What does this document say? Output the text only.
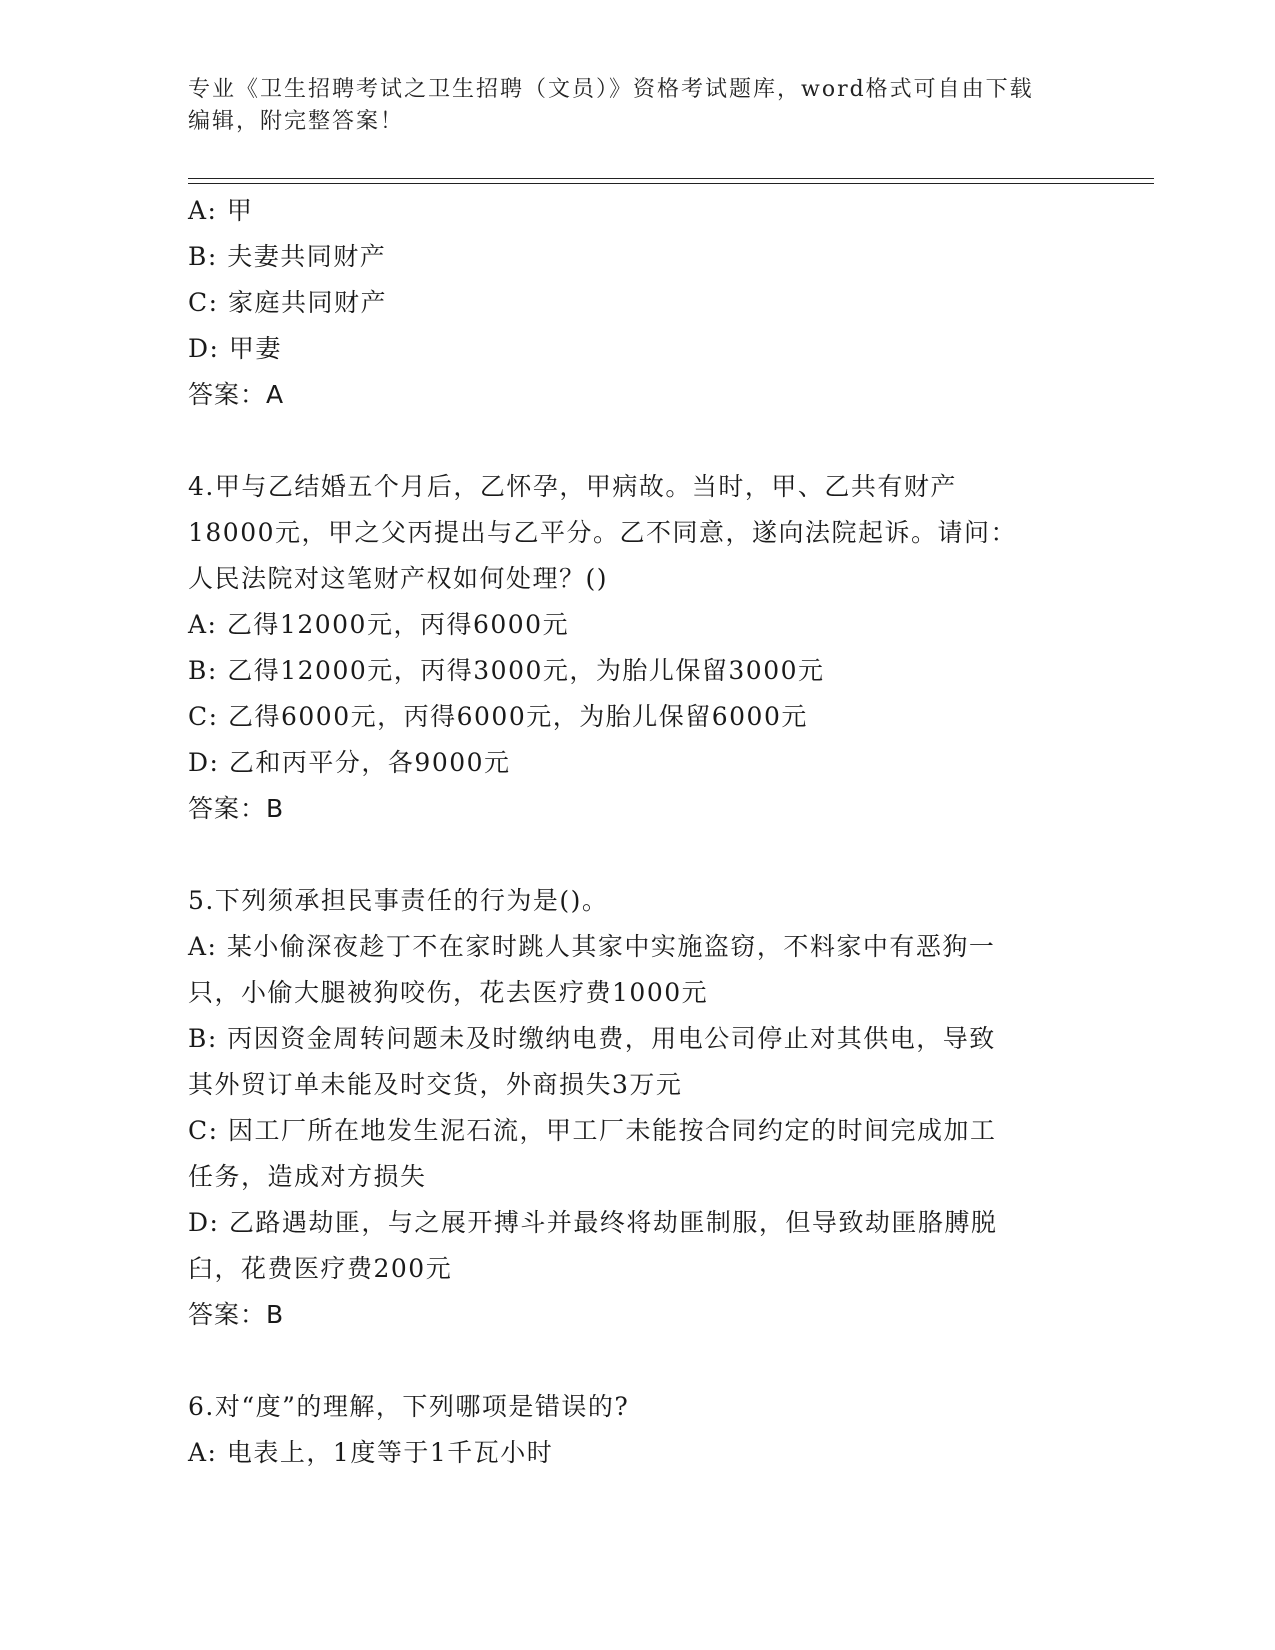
专业《卫生招聘考试之卫生招聘（文员）》资格考试题库，word格式可自由下载
编辑，附完整答案！
A: 甲
B: 夫妻共同财产
C: 家庭共同财产
D: 甲妻
答案：A
4.甲与乙结婚五个月后，乙怀孕，甲病故。当时，甲、乙共有财产
18000元，甲之父丙提出与乙平分。乙不同意，遂向法院起诉。请问：
人民法院对这笔财产权如何处理？()
A: 乙得12000元，丙得6000元
B: 乙得12000元，丙得3000元，为胎儿保留3000元
C: 乙得6000元，丙得6000元，为胎儿保留6000元
D: 乙和丙平分，各9000元
答案：B
5.下列须承担民事责任的行为是()。
A: 某小偷深夜趁丁不在家时跳人其家中实施盗窃，不料家中有恶狗一
只，小偷大腿被狗咬伤，花去医疗费1000元
B: 丙因资金周转问题未及时缴纳电费，用电公司停止对其供电，导致
其外贸订单未能及时交货，外商损失3万元
C: 因工厂所在地发生泥石流，甲工厂未能按合同约定的时间完成加工
任务，造成对方损失
D: 乙路遇劫匪，与之展开搏斗并最终将劫匪制服，但导致劫匪胳膊脱
臼，花费医疗费200元
答案：B
6.对“度”的理解，下列哪项是错误的?
A: 电表上，1度等于1千瓦小时
